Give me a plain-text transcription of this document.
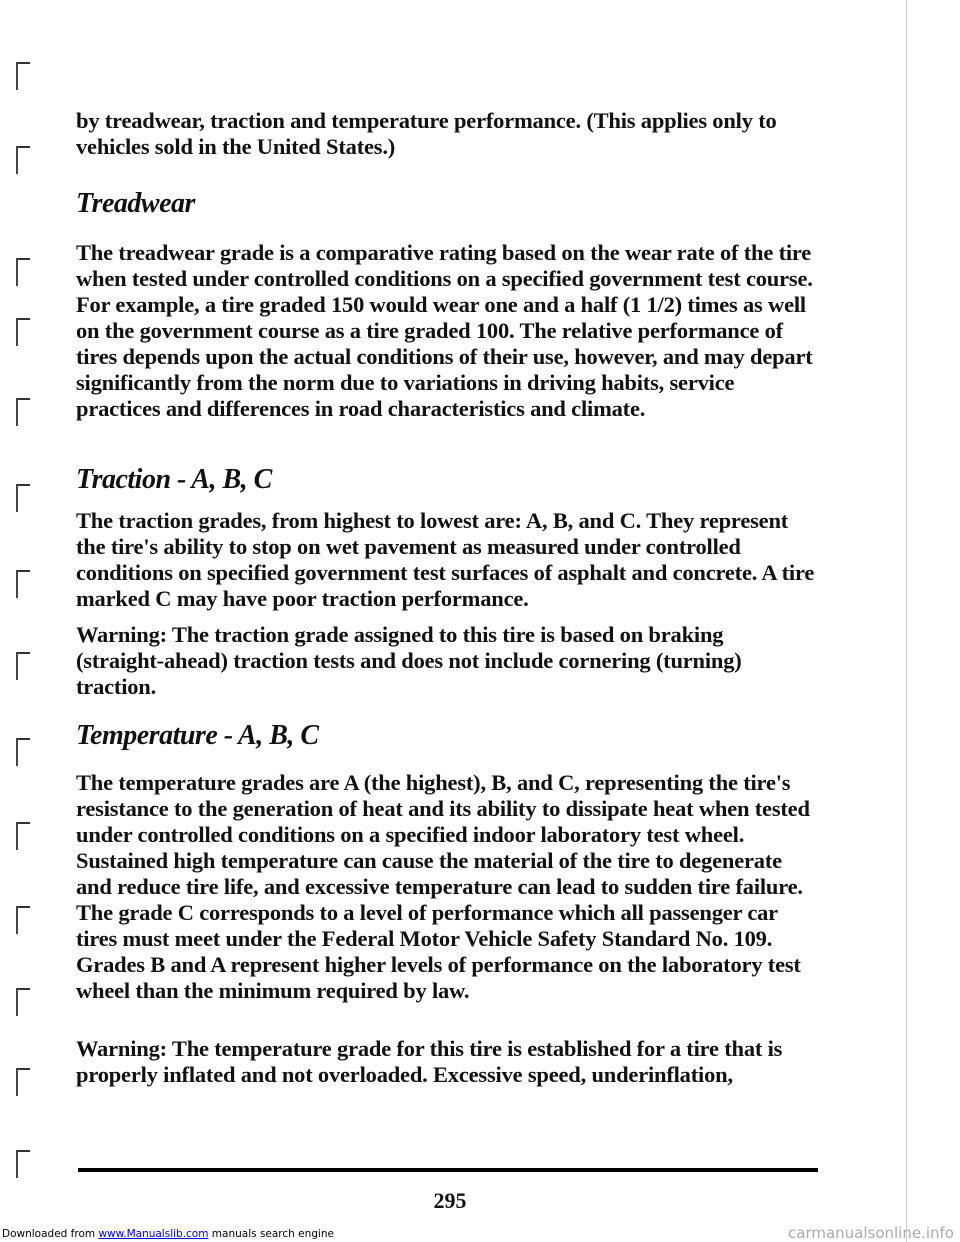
by treadwear, traction and temperature performance. (This applies only to vehicles sold in the United States.)

Treadwear

The treadwear grade is a comparative rating based on the wear rate of the tire when tested under controlled conditions on a specified government test course. For example, a tire graded 150 would wear one and a half (1 1/2) times as well on the government course as a tire graded 100. The relative performance of tires depends upon the actual conditions of their use, however, and may depart significantly from the norm due to variations in driving habits, service practices and differences in road characteristics and climate.

Traction - A, B, C

The traction grades, from highest to lowest are: A, B, and C. They represent the tire's ability to stop on wet pavement as measured under controlled conditions on specified government test surfaces of asphalt and concrete. A tire marked C may have poor traction performance.

Warning: The traction grade assigned to this tire is based on braking (straight-ahead) traction tests and does not include cornering (turning) traction.

Temperature - A, B, C

The temperature grades are A (the highest), B, and C, representing the tire's resistance to the generation of heat and its ability to dissipate heat when tested under controlled conditions on a specified indoor laboratory test wheel. Sustained high temperature can cause the material of the tire to degenerate and reduce tire life, and excessive temperature can lead to sudden tire failure. The grade C corresponds to a level of performance which all passenger car tires must meet under the Federal Motor Vehicle Safety Standard No. 109. Grades B and A represent higher levels of performance on the laboratory test wheel than the minimum required by law.

Warning: The temperature grade for this tire is established for a tire that is properly inflated and not overloaded. Excessive speed, underinflation,

295
Downloaded from www.Manualslib.com manuals search engine	carmanualsonline.info
